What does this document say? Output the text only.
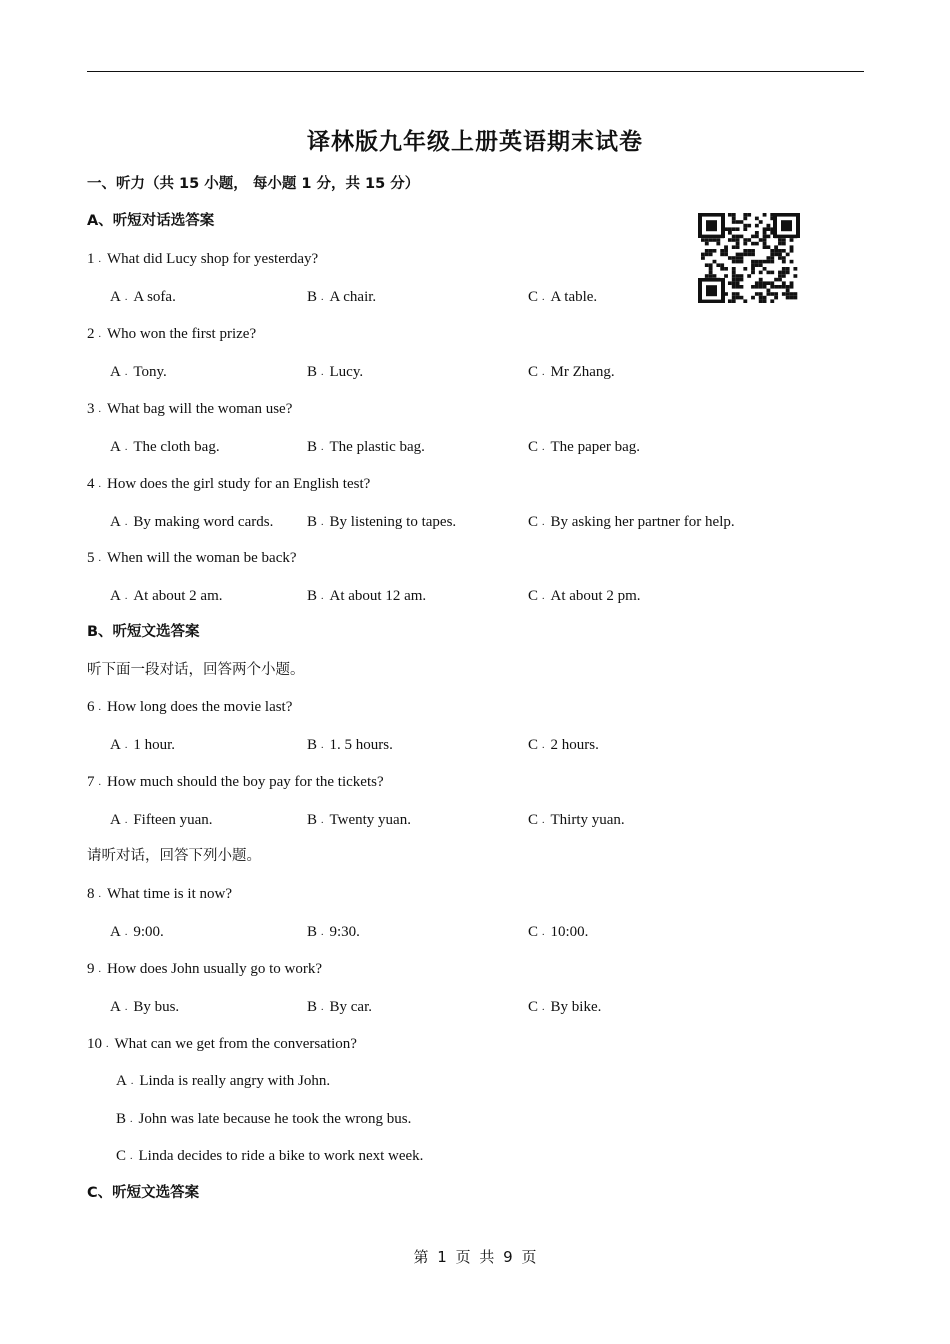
译林版九年级上册英语期末试卷
一、听力（共 15 小题， 每小题 1 分，共 15 分）
A、听短对话选答案
1 . What did Lucy shop for yesterday?
A . A sofa.	B . A chair.	C . A table.
2 . Who won the first prize?
A . Tony.	B . Lucy.	C . Mr Zhang.
3 . What bag will the woman use?
A . The cloth bag.	B . The plastic bag.	C . The paper bag.
4 . How does the girl study for an English test?
A . By making word cards. B . By listening to tapes.	C . By asking her partner for help.
5 . When will the woman be back?
A . At about 2 am.	B . At about 12 am.	C . At about 2 pm.
6 . How long does the movie last?
A . 1 hour.	B . 1. 5 hours.	C . 2 hours.
7 . How much should the boy pay for the tickets?
A . Fifteen yuan.	B . Twenty yuan.	C . Thirty yuan.
8 . What time is it now?
A . 9:00.	B . 9:30.	C . 10:00.
9 . How does John usually go to work?
A . By bus.	B . By car.	C . By bike.
10 . What can we get from the conversation?
A . Linda is really angry with John.
B . John was late because he took the wrong bus.
C . Linda decides to ride a bike to work next week.
B、听短文选答案
听下面一段对话，回答两个小题。
请听对话，回答下列小题。
C、听短文选答案
第 1 页 共 9 页
